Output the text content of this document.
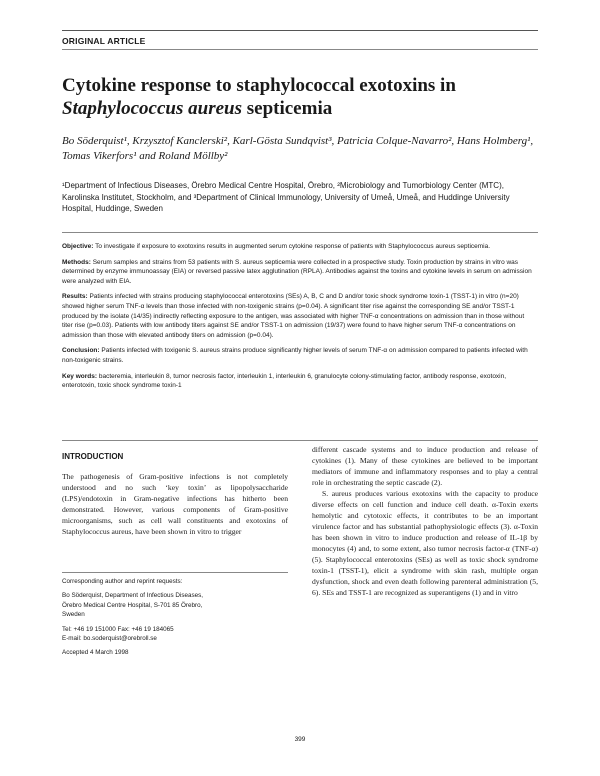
ORIGINAL ARTICLE
Cytokine response to staphylococcal exotoxins in
Staphylococcus aureus septicemia
Bo Söderquist¹, Krzysztof Kanclerski², Karl-Gösta Sundqvist³, Patricia Colque-Navarro², Hans Holmberg¹, Tomas Vikerfors¹ and Roland Möllby²
¹Department of Infectious Diseases, Örebro Medical Centre Hospital, Örebro, ²Microbiology and Tumorbiology Center (MTC), Karolinska Institutet, Stockholm, and ³Department of Clinical Immunology, University of Umeå, Umeå, and Huddinge University Hospital, Huddinge, Sweden

Objective: To investigate if exposure to exotoxins results in augmented serum cytokine response of patients with Staphylococcus aureus septicemia.

Methods: Serum samples and strains from 53 patients with S. aureus septicemia were collected in a prospective study. Toxin production by strains in vitro was determined by enzyme immunoassay (EIA) or reversed passive latex agglutination (RPLA). Antibodies against the toxins and cytokine levels in serum on admission were analyzed with EIA.

Results: Patients infected with strains producing staphylococcal enterotoxins (SEs) A, B, C and D and/or toxic shock syndrome toxin-1 (TSST-1) in vitro (n=20) showed higher serum TNF-α levels than those infected with non-toxigenic strains (p=0.04). A significant titer rise against the corresponding SE and/or TSST-1 produced by the isolate (14/35) indirectly reflecting exposure to the antigen, was associated with higher TNF-α concentrations on admission than in those without titer rise (p=0.03). Patients with low antibody titers against SE and/or TSST-1 on admission (19/37) were found to have higher serum TNF-α concentrations on admission than those with elevated antibody titers on admission (p=0.04).

Conclusion: Patients infected with toxigenic S. aureus strains produce significantly higher levels of serum TNF-α on admission compared to patients infected with non-toxigenic strains.

Key words: bacteremia, interleukin 8, tumor necrosis factor, interleukin 1, interleukin 6, granulocyte colony-stimulating factor, antibody response, exotoxin, enterotoxin, toxic shock syndrome toxin-1

INTRODUCTION
The pathogenesis of Gram-positive infections is not completely understood and no such ‘key toxin’ as lipopolysaccharide (LPS)/endotoxin in Gram-negative infections has hitherto been demonstrated. However, various components of Gram-positive microorganisms, such as cell wall constituents and exotoxins of Staphylococcus aureus, have been shown in vitro to trigger

different cascade systems and to induce production and release of cytokines (1). Many of these cytokines are believed to be important mediators of immune and inflammatory responses and to play a central role in orchestrating the septic cascade (2).

S. aureus produces various exotoxins with the capacity to produce diverse effects on cell function and induce cell death. α-Toxin exerts hemolytic and cytotoxic effects, it contributes to be an important virulence factor and has substantial pathophysiologic effects (3). α-Toxin has been shown in vitro to induce production and release of IL-1β by monocytes (4) and, to some extent, also tumor necrosis factor-α (TNF-α) (5). Staphylococcal enterotoxins (SEs) as well as toxic shock syndrome toxin-1 (TSST-1), elicit a syndrome with skin rash, multiple organ dysfunction, shock and even death following parenteral administration (5, 6). SEs and TSST-1 are recognized as superantigens (1) and in vitro

Corresponding author and reprint requests:
Bo Söderquist, Department of Infectious Diseases,
Örebro Medical Centre Hospital, S-701 85 Örebro,
Sweden
Tel: +46 19 151000 Fax: +46 19 184065
E-mail: bo.soderquist@orebroll.se
Accepted 4 March 1998
399
